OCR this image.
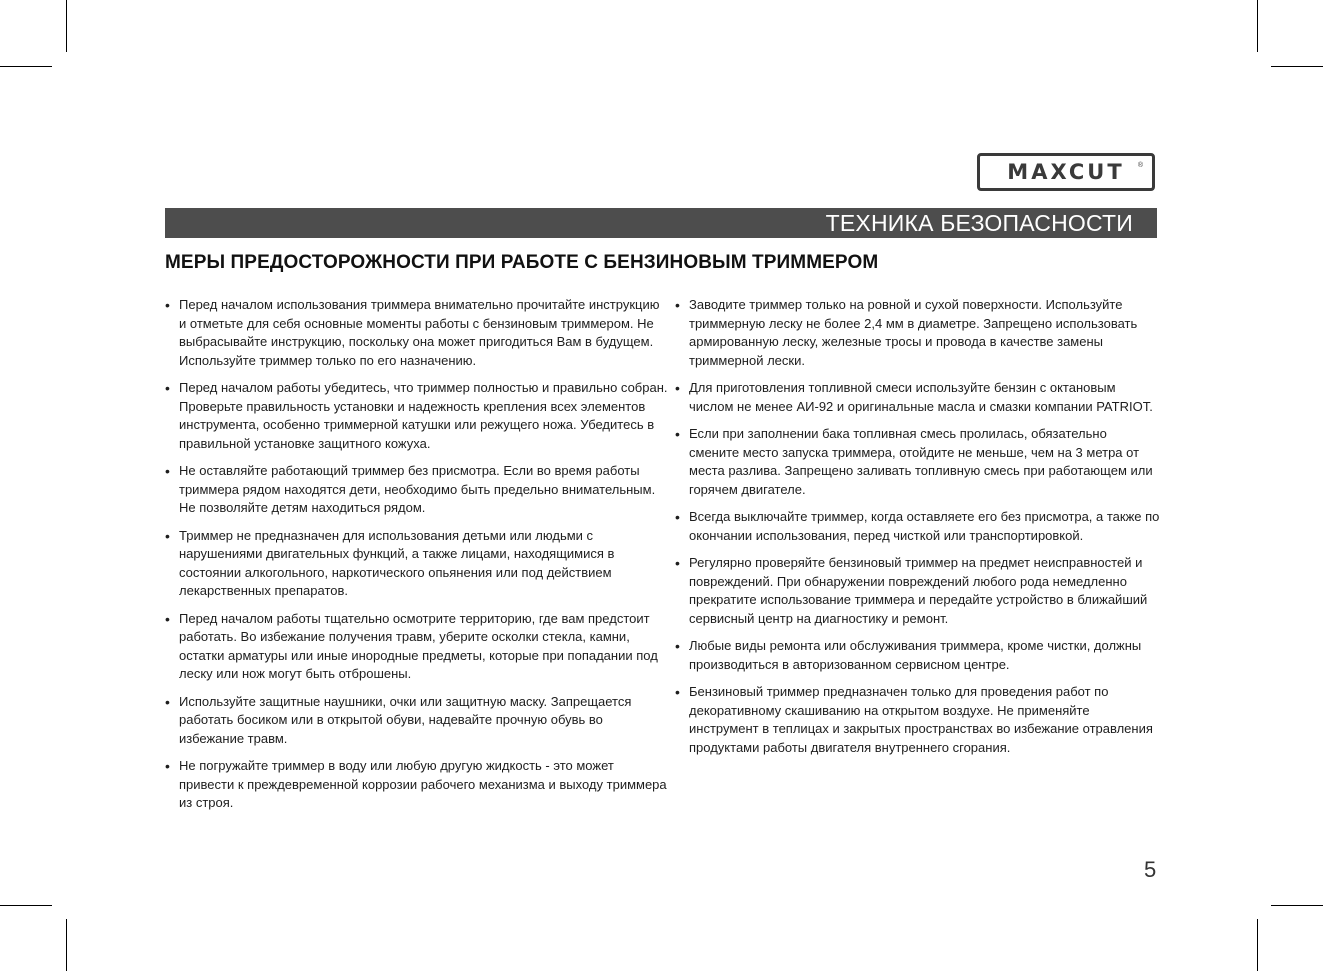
MAXCUT ®
ТЕХНИКА БЕЗОПАСНОСТИ
МЕРЫ ПРЕДОСТОРОЖНОСТИ ПРИ РАБОТЕ С БЕНЗИНОВЫМ ТРИММЕРОМ
• Перед началом использования триммера внимательно прочитайте инструкцию и отметьте для себя основные моменты работы с бензиновым триммером. Не выбрасывайте инструкцию, поскольку она может пригодиться Вам в будущем. Используйте триммер только по его назначению.
• Перед началом работы убедитесь, что триммер полностью и правильно собран. Проверьте правильность установки и надежность крепления всех элементов инструмента, особенно триммерной катушки или режущего ножа. Убедитесь в правильной установке защитного кожуха.
• Не оставляйте работающий триммер без присмотра. Если во время работы триммера рядом находятся дети, необходимо быть предельно внимательным. Не позволяйте детям находиться рядом.
• Триммер не предназначен для использования детьми или людьми с нарушениями двигательных функций, а также лицами, находящимися в состоянии алкогольного, наркотического опьянения или под действием лекарственных препаратов.
• Перед началом работы тщательно осмотрите территорию, где вам предстоит работать. Во избежание получения травм, уберите осколки стекла, камни, остатки арматуры или иные инородные предметы, которые при попадании под леску или нож могут быть отброшены.
• Используйте защитные наушники, очки или защитную маску. Запрещается работать босиком или в открытой обуви, надевайте прочную обувь во избежание травм.
• Не погружайте триммер в воду или любую другую жидкость - это может привести к преждевременной коррозии рабочего механизма и выходу триммера из строя.
• Заводите триммер только на ровной и сухой поверхности. Используйте триммерную леску не более 2,4 мм в диаметре. Запрещено использовать армированную леску, железные тросы и провода в качестве замены триммерной лески.
• Для приготовления топливной смеси используйте бензин с октановым числом не менее АИ-92 и оригинальные масла и смазки компании PATRIOT.
• Если при заполнении бака топливная смесь пролилась, обязательно смените место запуска триммера, отойдите не меньше, чем на 3 метра от места разлива. Запрещено заливать топливную смесь при работающем или горячем двигателе.
• Всегда выключайте триммер, когда оставляете его без присмотра, а также по окончании использования, перед чисткой или транспортировкой.
• Регулярно проверяйте бензиновый триммер на предмет неисправностей и повреждений. При обнаружении повреждений любого рода немедленно прекратите использование триммера и передайте устройство в ближайший сервисный центр на диагностику и ремонт.
• Любые виды ремонта или обслуживания триммера, кроме чистки, должны производиться в авторизованном сервисном центре.
• Бензиновый триммер предназначен только для проведения работ по декоративному скашиванию на открытом воздухе. Не применяйте инструмент в теплицах и закрытых пространствах во избежание отравления продуктами работы двигателя внутреннего сгорания.
5
